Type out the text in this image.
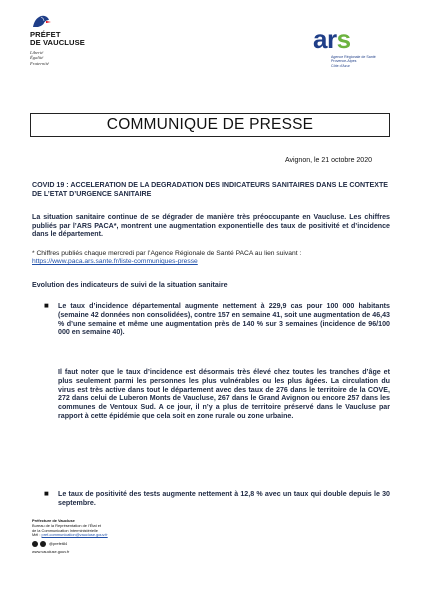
PRÉFET
DE VAUCLUSE
Liberté
Égalité
Fraternité
ars
Agence Régionale de Santé
Provence-Alpes
Côte d’Azur
COMMUNIQUE DE PRESSE
Avignon, le 21 octobre 2020
COVID 19 : ACCELERATION DE LA DEGRADATION DES INDICATEURS SANITAIRES DANS LE CONTEXTE DE L’ETAT D’URGENCE SANITAIRE
La situation sanitaire continue de se dégrader de manière très préoccupante en Vaucluse. Les chiffres publiés par l’ARS PACA*, montrent une augmentation exponentielle des taux de positivité et d’incidence dans le département.
* Chiffres publiés chaque mercredi par l’Agence Régionale de Santé PACA au lien suivant :
https://www.paca.ars.sante.fr/liste-communiques-presse
Evolution des indicateurs de suivi de la situation sanitaire
■	Le taux d’incidence départemental augmente nettement à 229,9 cas pour 100 000 habitants (semaine 42 données non consolidées), contre 157 en semaine 41, soit une augmentation de 46,43 % d’une semaine et même une augmentation près de 140 % sur 3 semaines (incidence de 96/100 000 en semaine 40).
Il faut noter que le taux d’incidence est désormais très élevé chez toutes les tranches d’âge et plus seulement parmi les personnes les plus vulnérables ou les plus âgées. La circulation du virus est très active dans tout le département avec des taux de 276 dans le territoire de la COVE, 272 dans celui de Luberon Monts de Vaucluse, 267 dans le Grand Avignon ou encore 257 dans les communes de Ventoux Sud. A ce jour, il n’y a plus de territoire préservé dans le Vaucluse par rapport à cette épidémie que cela soit en zone rurale ou zone urbaine.
■	Le taux de positivité des tests augmente nettement à 12,8 % avec un taux qui double depuis le 30 septembre.
Préfecture de Vaucluse
Bureau de la Représentation de l’État et
de la Communication Interministérielle
Mél : pref-communication@vaucluse.gouv.fr
@prefet84
www.vaucluse.gouv.fr
